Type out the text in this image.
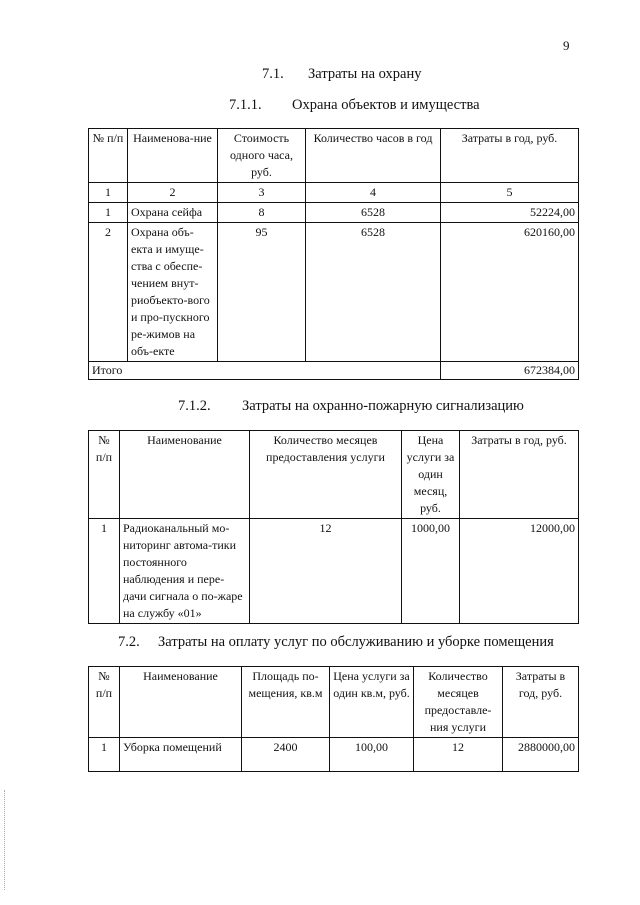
9
7.1. Затраты на охрану
7.1.1. Охрана объектов и имущества
№ п/п	Наименова-ние	Стоимость одного часа, руб.	Количество часов в год	Затраты в год, руб.
1	2	3	4	5
1	Охрана сейфа	8	6528	52224,00
2	Охрана объ-екта и имуще-ства с обеспе-чением внут-риобъекто-вого и про-пускного ре-жимов на объ-екте	95	6528	620160,00
Итого				672384,00
7.1.2. Затраты на охранно-пожарную сигнализацию
№ п/п	Наименование	Количество месяцев предоставления услуги	Цена услуги за один месяц, руб.	Затраты в год, руб.
1	Радиоканальный мо-ниторинг автома-тики постоянного наблюдения и пере-дачи сигнала о по-жаре на службу «01»	12	1000,00	12000,00
7.2. Затраты на оплату услуг по обслуживанию и уборке помещения
№ п/п	Наименование	Площадь по-мещения, кв.м	Цена услуги за один кв.м, руб.	Количество месяцев предоставле-ния услуги	Затраты в год, руб.
1	Уборка помещений	2400	100,00	12	2880000,00
